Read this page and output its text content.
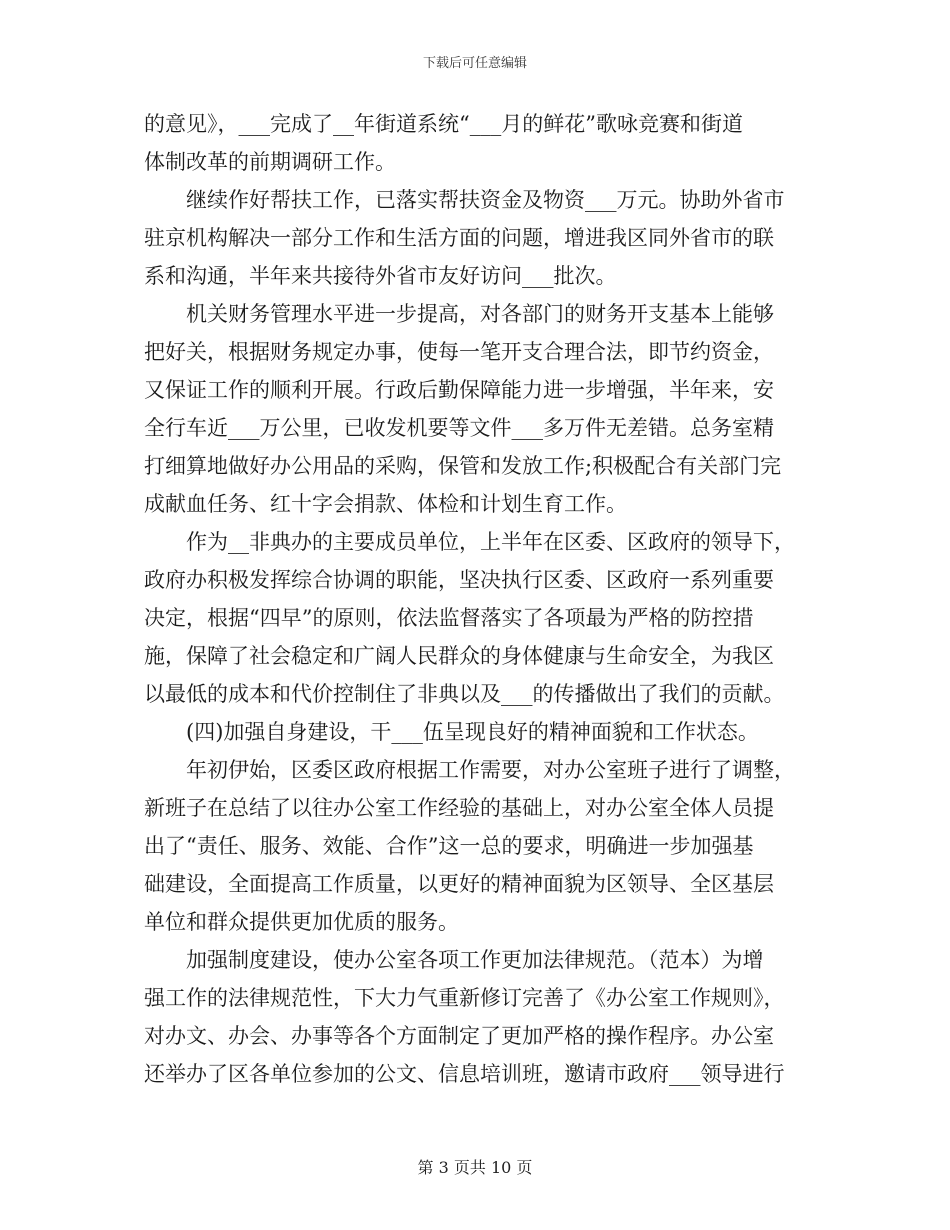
下载后可任意编辑
的意见》，___完成了__年街道系统“___月的鲜花”歌咏竞赛和街道
体制改革的前期调研工作。
继续作好帮扶工作，已落实帮扶资金及物资___万元。协助外省市
驻京机构解决一部分工作和生活方面的问题，增进我区同外省市的联
系和沟通，半年来共接待外省市友好访问___批次。
机关财务管理水平进一步提高，对各部门的财务开支基本上能够
把好关，根据财务规定办事，使每一笔开支合理合法，即节约资金，
又保证工作的顺利开展。行政后勤保障能力进一步增强，半年来，安
全行车近___万公里，已收发机要等文件___多万件无差错。总务室精
打细算地做好办公用品的采购，保管和发放工作;积极配合有关部门完
成献血任务、红十字会捐款、体检和计划生育工作。
作为__非典办的主要成员单位，上半年在区委、区政府的领导下，
政府办积极发挥综合协调的职能，坚决执行区委、区政府一系列重要
决定，根据“四早”的原则，依法监督落实了各项最为严格的防控措
施，保障了社会稳定和广阔人民群众的身体健康与生命安全，为我区
以最低的成本和代价控制住了非典以及___的传播做出了我们的贡献。
(四)加强自身建设，干___伍呈现良好的精神面貌和工作状态。
年初伊始，区委区政府根据工作需要，对办公室班子进行了调整，
新班子在总结了以往办公室工作经验的基础上，对办公室全体人员提
出了“责任、服务、效能、合作”这一总的要求，明确进一步加强基
础建设，全面提高工作质量，以更好的精神面貌为区领导、全区基层
单位和群众提供更加优质的服务。
加强制度建设，使办公室各项工作更加法律规范。（范本）为增
强工作的法律规范性，下大力气重新修订完善了《办公室工作规则》，
对办文、办会、办事等各个方面制定了更加严格的操作程序。办公室
还举办了区各单位参加的公文、信息培训班，邀请市政府___领导进行
第 3 页共 10 页
